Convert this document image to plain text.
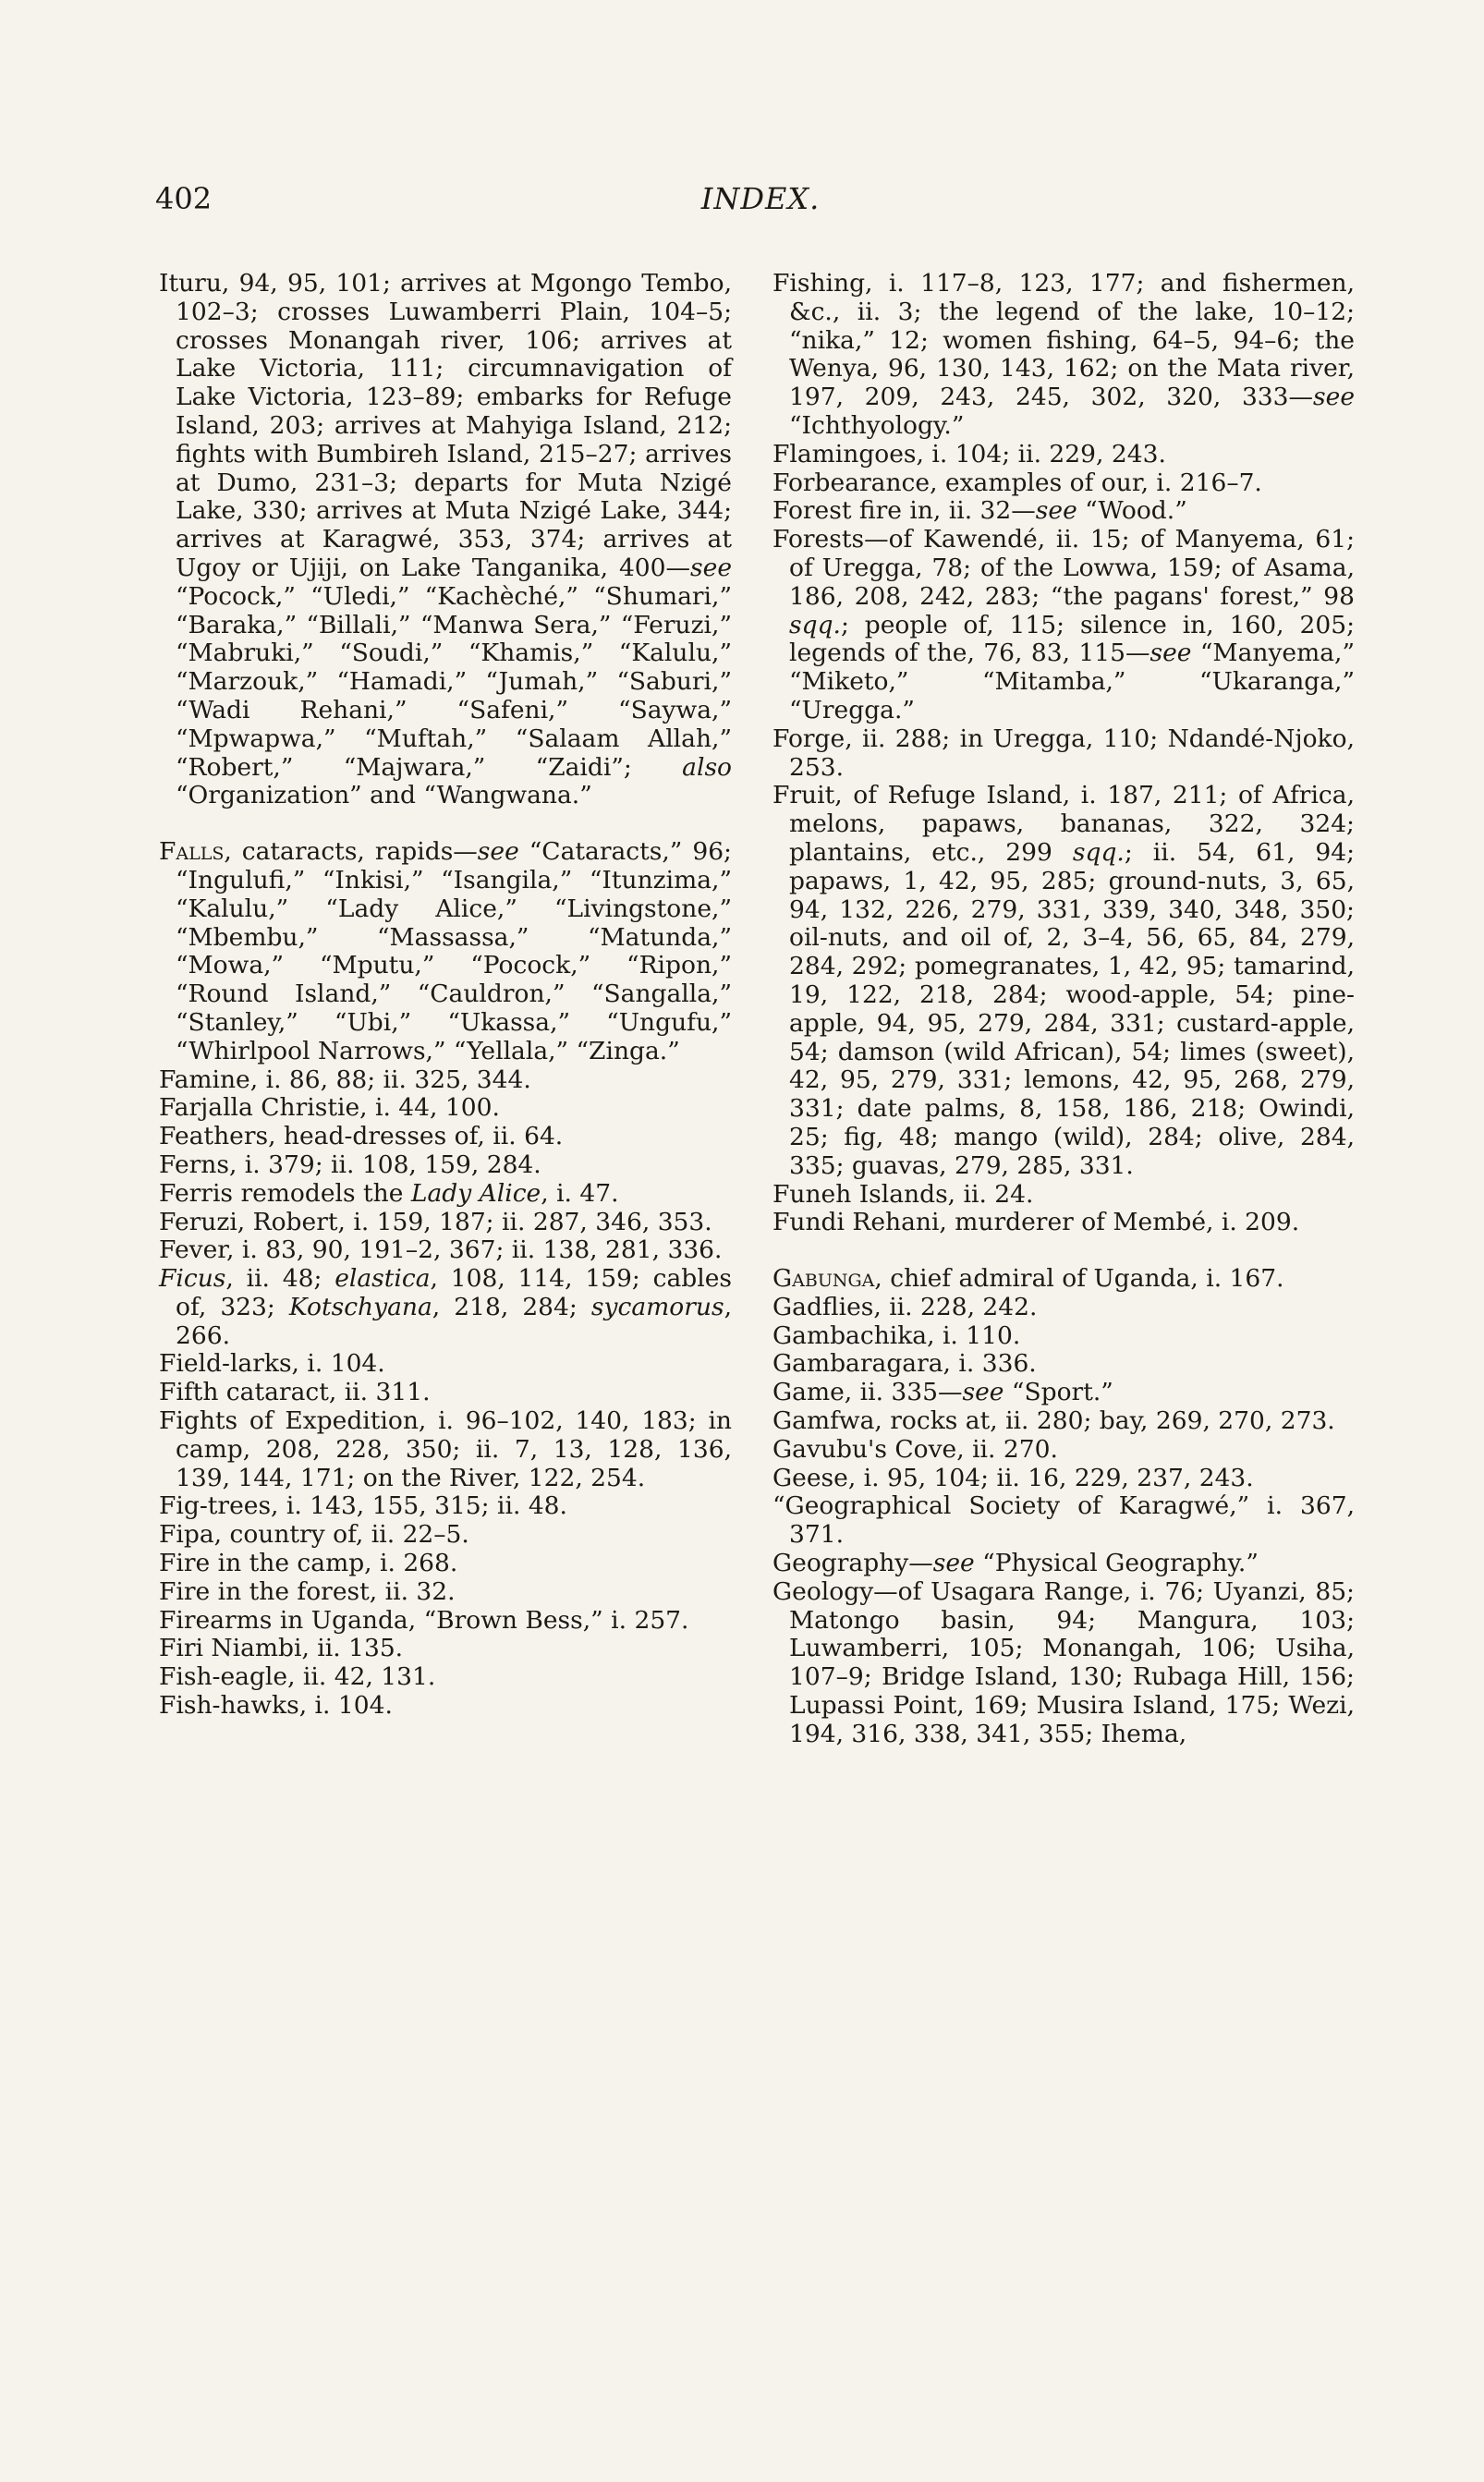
402	INDEX.

Ituru, 94, 95, 101; arrives at Mgongo Tembo, 102–3; crosses Luwamberri Plain, 104–5; crosses Monangah river, 106; arrives at Lake Victoria, 111; circumnavigation of Lake Victoria, 123–89; embarks for Refuge Island, 203; arrives at Mahyiga Island, 212; fights with Bumbireh Island, 215–27; arrives at Dumo, 231–3; departs for Muta Nzigé Lake, 330; arrives at Muta Nzigé Lake, 344; arrives at Karagwé, 353, 374; arrives at Ugoy or Ujiji, on Lake Tanganika, 400—see “Pocock,” “Uledi,” “Kachèché,” “Shumari,” “Baraka,” “Billali,” “Manwa Sera,” “Feruzi,” “Mabruki,” “Soudi,” “Khamis,” “Kalulu,” “Marzouk,” “Hamadi,” “Jumah,” “Saburi,” “Wadi Rehani,” “Safeni,” “Saywa,” “Mpwapwa,” “Muftah,” “Salaam Allah,” “Robert,” “Majwara,” “Zaidi”; also “Organization” and “Wangwana.”

Falls, cataracts, rapids—see “Cataracts,” 96; “Ingulufi,” “Inkisi,” “Isangila,” “Itunzima,” “Kalulu,” “Lady Alice,” “Livingstone,” “Mbembu,” “Massassa,” “Matunda,” “Mowa,” “Mputu,” “Pocock,” “Ripon,” “Round Island,” “Cauldron,” “Sangalla,” “Stanley,” “Ubi,” “Ukassa,” “Ungufu,” “Whirlpool Narrows,” “Yellala,” “Zinga.”

Famine, i. 86, 88; ii. 325, 344.

Farjalla Christie, i. 44, 100.

Feathers, head-dresses of, ii. 64.

Ferns, i. 379; ii. 108, 159, 284.

Ferris remodels the Lady Alice, i. 47.

Feruzi, Robert, i. 159, 187; ii. 287, 346, 353.

Fever, i. 83, 90, 191–2, 367; ii. 138, 281, 336.

Ficus, ii. 48; elastica, 108, 114, 159; cables of, 323; Kotschyana, 218, 284; sycamorus, 266.

Field-larks, i. 104.

Fifth cataract, ii. 311.

Fights of Expedition, i. 96–102, 140, 183; in camp, 208, 228, 350; ii. 7, 13, 128, 136, 139, 144, 171; on the River, 122, 254.

Fig-trees, i. 143, 155, 315; ii. 48.

Fipa, country of, ii. 22–5.

Fire in the camp, i. 268.

Fire in the forest, ii. 32.

Firearms in Uganda, “Brown Bess,” i. 257.

Firi Niambi, ii. 135.

Fish-eagle, ii. 42, 131.

Fish-hawks, i. 104.

Fishing, i. 117–8, 123, 177; and fishermen, &c., ii. 3; the legend of the lake, 10–12; “nika,” 12; women fishing, 64–5, 94–6; the Wenya, 96, 130, 143, 162; on the Mata river, 197, 209, 243, 245, 302, 320, 333—see “Ichthyology.”

Flamingoes, i. 104; ii. 229, 243.

Forbearance, examples of our, i. 216–7.

Forest fire in, ii. 32—see “Wood.”

Forests—of Kawendé, ii. 15; of Manyema, 61; of Uregga, 78; of the Lowwa, 159; of Asama, 186, 208, 242, 283; “the pagans' forest,” 98 sqq.; people of, 115; silence in, 160, 205; legends of the, 76, 83, 115—see “Manyema,” “Miketo,” “Mitamba,” “Ukaranga,” “Uregga.”

Forge, ii. 288; in Uregga, 110; Ndandé-Njoko, 253.

Fruit, of Refuge Island, i. 187, 211; of Africa, melons, papaws, bananas, 322, 324; plantains, etc., 299 sqq.; ii. 54, 61, 94; papaws, 1, 42, 95, 285; ground-nuts, 3, 65, 94, 132, 226, 279, 331, 339, 340, 348, 350; oil-nuts, and oil of, 2, 3–4, 56, 65, 84, 279, 284, 292; pomegranates, 1, 42, 95; tamarind, 19, 122, 218, 284; wood-apple, 54; pine-apple, 94, 95, 279, 284, 331; custard-apple, 54; damson (wild African), 54; limes (sweet), 42, 95, 279, 331; lemons, 42, 95, 268, 279, 331; date palms, 8, 158, 186, 218; Owindi, 25; fig, 48; mango (wild), 284; olive, 284, 335; guavas, 279, 285, 331.

Funeh Islands, ii. 24.

Fundi Rehani, murderer of Membé, i. 209.

Gabunga, chief admiral of Uganda, i. 167.

Gadflies, ii. 228, 242.

Gambachika, i. 110.

Gambaragara, i. 336.

Game, ii. 335—see “Sport.”

Gamfwa, rocks at, ii. 280; bay, 269, 270, 273.

Gavubu's Cove, ii. 270.

Geese, i. 95, 104; ii. 16, 229, 237, 243.

“Geographical Society of Karagwé,” i. 367, 371.

Geography—see “Physical Geography.”

Geology—of Usagara Range, i. 76; Uyanzi, 85; Matongo basin, 94; Mangura, 103; Luwamberri, 105; Monangah, 106; Usiha, 107–9; Bridge Island, 130; Rubaga Hill, 156; Lupassi Point, 169; Musira Island, 175; Wezi, 194, 316, 338, 341, 355; Ihema,
